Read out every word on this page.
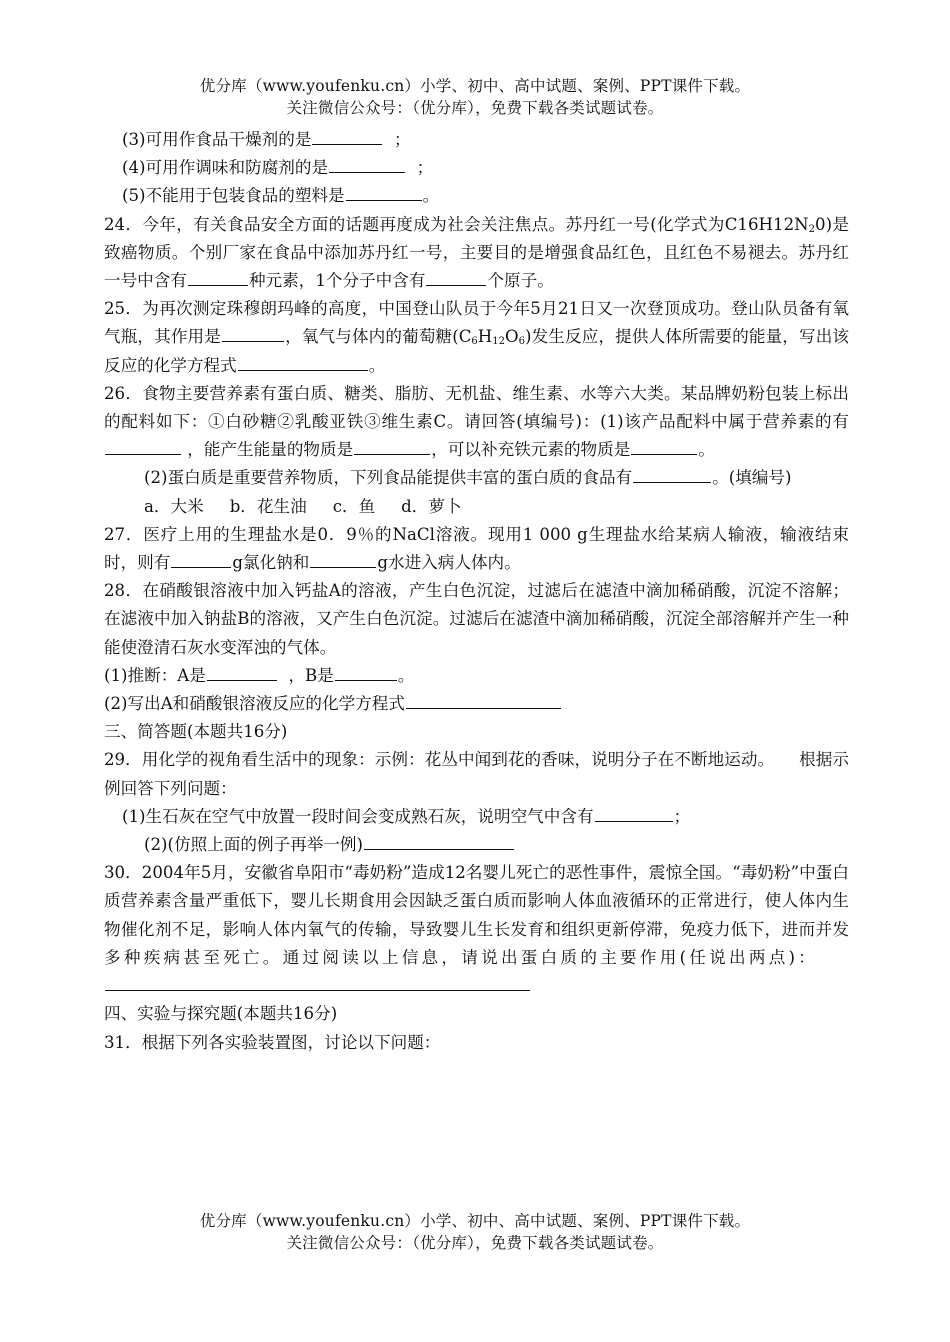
优分库（www.youfenku.cn）小学、初中、高中试题、案例、PPT课件下载。
关注微信公众号：（优分库），免费下载各类试题试卷。

(3)可用作食品干燥剂的是	；

(4)可用作调味和防腐剂的是	；

(5)不能用于包装食品的塑料是	。

24．今年，有关食品安全方面的话题再度成为社会关注焦点。苏丹红一号(化学式为$C16H12N_20$)是致癌物质。个别厂家在食品中添加苏丹红一号，主要目的是增强食品红色，且红色不易褪去。苏丹红一号中含有	种元素，1个分子中含有	个原子。

25．为再次测定珠穆朗玛峰的高度，中国登山队员于今年5月21日又一次登顶成功。登山队员备有氧气瓶，其作用是	，氧气与体内的葡萄糖$(C_6H_{12}O_6)$发生反应，提供人体所需要的能量，写出该反应的化学方程式	。

26．食物主要营养素有蛋白质、糖类、脂肪、无机盐、维生素、水等六大类。某品牌奶粉包装上标出的配料如下：①白砂糖②乳酸亚铁③维生素C。请回答(填编号)：(1)该产品配料中属于营养素的有 ，能产生能量的物质是	，可以补充铁元素的物质是	。

(2)蛋白质是重要营养物质，下列食品能提供丰富的蛋白质的食品有	。(填编号)

a．大米 b．花生油 c．鱼 d．萝卜

27．医疗上用的生理盐水是0．9％的NaCl溶液。现用1 000 g生理盐水给某病人输液，输液结束时，则有	g氯化钠和	g水进入病人体内。

28．在硝酸银溶液中加入钙盐A的溶液，产生白色沉淀，过滤后在滤渣中滴加稀硝酸，沉淀不溶解；在滤液中加入钠盐B的溶液，又产生白色沉淀。过滤后在滤渣中滴加稀硝酸，沉淀全部溶解并产生一种能使澄清石灰水变浑浊的气体。

(1)推断：A是	，B是	。

(2)写出A和硝酸银溶液反应的化学方程式

三、简答题(本题共16分)

29．用化学的视角看生活中的现象：示例：花丛中闻到花的香味，说明分子在不断地运动。　　根据示例回答下列问题：

(1)生石灰在空气中放置一段时间会变成熟石灰，说明空气中含有	；

(2)(仿照上面的例子再举一例)

30．2004年5月，安徽省阜阳市“毒奶粉”造成12名婴儿死亡的恶性事件，震惊全国。“毒奶粉”中蛋白质营养素含量严重低下，婴儿长期食用会因缺乏蛋白质而影响人体血液循环的正常进行，使人体内生物催化剂不足，影响人体内氧气的传输，导致婴儿生长发育和组织更新停滞，免疫力低下，进而并发多种疾病甚至死亡。通过阅读以上信息，请说出蛋白质的主要作用(任说出两点)：

四、实验与探究题(本题共16分)

31．根据下列各实验装置图，讨论以下问题：

优分库（www.youfenku.cn）小学、初中、高中试题、案例、PPT课件下载。
关注微信公众号：（优分库），免费下载各类试题试卷。
